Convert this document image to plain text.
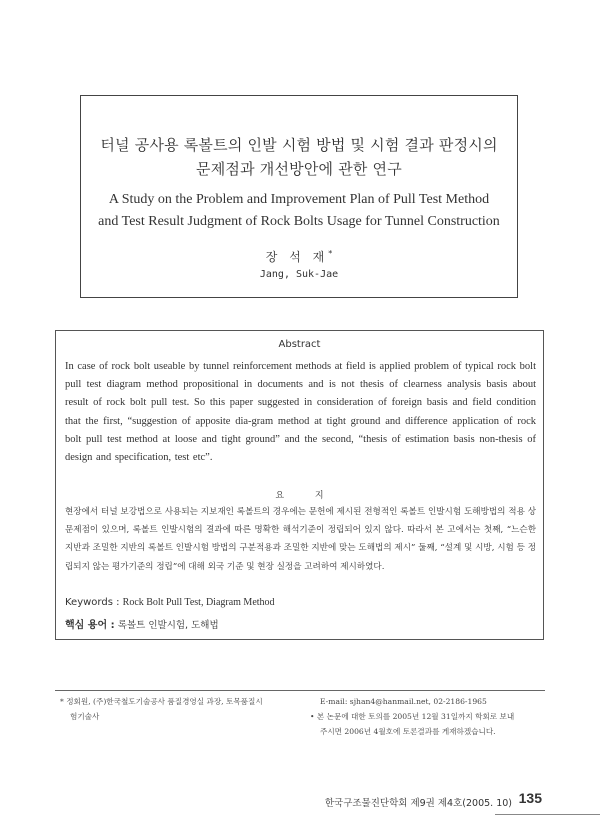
터널 공사용 록볼트의 인발 시험 방법 및 시험 결과 판정시의
문제점과 개선방안에 관한 연구
A Study on the Problem and Improvement Plan of Pull Test Method
and Test Result Judgment of Rock Bolts Usage for Tunnel Construction
장 석 재*
Jang, Suk-Jae
Abstract

In case of rock bolt useable by tunnel reinforcement methods at field is applied problem of typical rock bolt pull test diagram method propositional in documents and is not thesis of clearness analysis basis about result of rock bolt pull test. So this paper suggested in consideration of foreign basis and field condition that the first, “suggestion of apposite dia-gram method at tight ground and difference application of rock bolt pull test method at loose and tight ground” and the second, “thesis of estimation basis non-thesis of design and specification, test etc”.

요 지

현장에서 터널 보강법으로 사용되는 지보재인 록볼트의 경우에는 문헌에 제시된 전형적인 록볼트 인발시험 도해방법의 적용 상 문제점이 있으며, 록볼트 인발시험의 결과에 따른 명확한 해석기준이 정립되어 있지 않다. 따라서 본 고에서는 첫째, “느슨한 지반과 조밀한 지반의 록볼트 인발시험 방법의 구분적용과 조밀한 지반에 맞는 도해법의 제시” 둘째, “설계 및 시방, 시험 등 정립되지 않는 평가기준의 정립”에 대해 외국 기준 및 현장 실정을 고려하여 제시하였다.

Keywords : Rock Bolt Pull Test, Diagram Method
핵심 용어 : 록볼트 인발시험, 도해법
* 정회원, (주)한국철도기술공사 품질경영실 과장, 토목품질시
험기술사
E-mail: sjhan4@hanmail.net, 02-2186-1965
• 본 논문에 대한 토의를 2005년 12월 31일까지 학회로 보내
주시면 2006년 4월호에 토론결과를 게재하겠습니다.
한국구조물진단학회 제9권 제4호(2005. 10) 135
